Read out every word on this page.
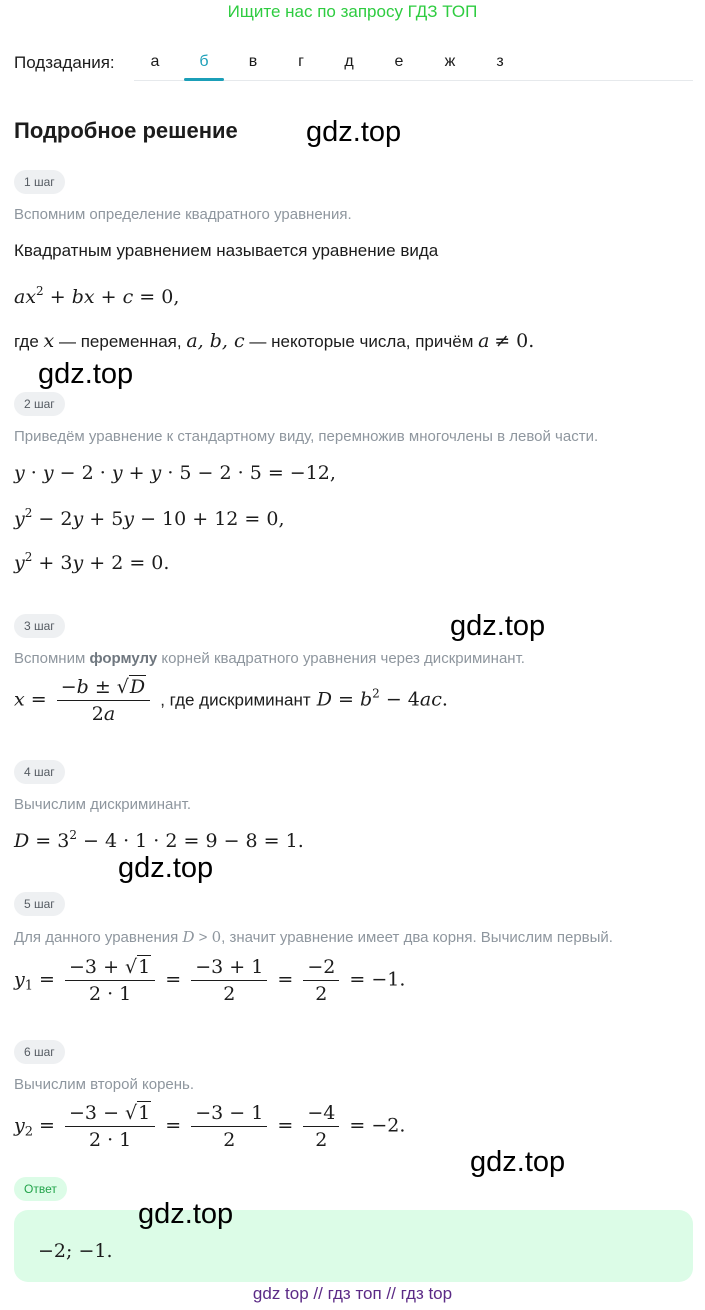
Ищите нас по запросу ГДЗ ТОП
Подзадания:	а	б	в	г	д	е	ж	з
Подробное решение
1 шаг
Вспомним определение квадратного уравнения.
Квадратным уравнением называется уравнение вида
$ax^2$ + bx + c = 0,
где x — переменная, a, b, c — некоторые числа, причём a ≠ 0.
2 шаг
Приведём уравнение к стандартному виду, перемножив многочлены в левой части.
y · y − 2 · y + y · 5 − 2 · 5 = −12,
$y^2 - 2y + 5y - 10 + 12 = 0$,
$y^2 + 3y + 2 = 0$.
3 шаг
Вспомним формулу корней квадратного уравнения через дискриминант.
$x = \frac{-b \pm √D}{2a}$ , где дискриминант $D = b^2 - 4ac$.
4 шаг
Вычислим дискриминант.
$D = 3^2 - 4 \cdot 1 \cdot 2 = 9 - 8 = 1$.
5 шаг
Для данного уравнения D > 0, значит уравнение имеет два корня. Вычислим первый.
$y_1 = \frac{-3 + √1}{2 \cdot 1} = \frac{-3 + 1}{2} = \frac{-2}{2} = -1$.
6 шаг
Вычислим второй корень.
$y_2 = \frac{-3 - √1}{2 \cdot 1} = \frac{-3 - 1}{2} = \frac{-4}{2} = -2$.
Ответ
−2; −1.
gdz.top
gdz.top
gdz.top
gdz.top
gdz.top
gdz.top
gdz top // гдз топ // гдз top
